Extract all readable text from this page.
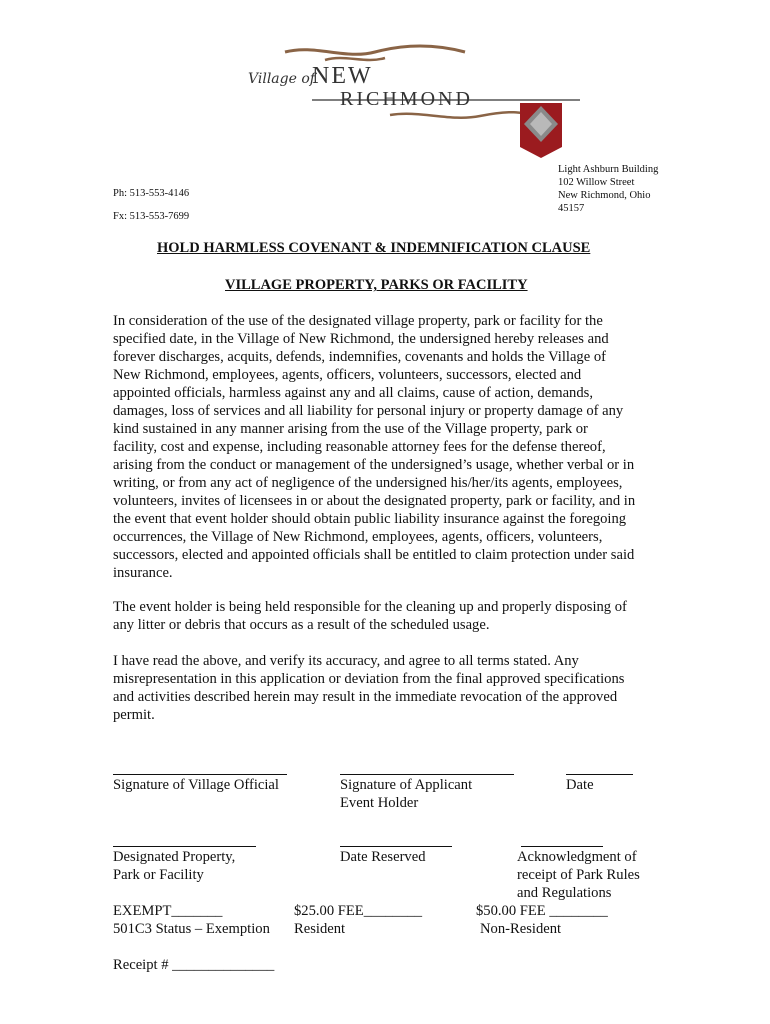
Village of
NEW
RICHMOND
Light Ashburn Building
102 Willow Street
New Richmond, Ohio
45157
Ph: 513-553-4146
Fx: 513-553-7699
HOLD HARMLESS COVENANT & INDEMNIFICATION CLAUSE
VILLAGE PROPERTY, PARKS OR FACILITY
In consideration of the use of the designated village property, park or facility for the
specified date, in the Village of New Richmond, the undersigned hereby releases and
forever discharges, acquits, defends, indemnifies, covenants and holds the Village of
New Richmond, employees, agents, officers, volunteers, successors, elected and
appointed officials, harmless against any and all claims, cause of action, demands,
damages, loss of services and all liability for personal injury or property damage of any
kind sustained in any manner arising from the use of the Village property, park or
facility, cost and expense, including reasonable attorney fees for the defense thereof,
arising from the conduct or management of the undersigned’s usage, whether verbal or in
writing, or from any act of negligence of the undersigned his/her/its agents, employees,
volunteers, invites of licensees in or about the designated property, park or facility, and in
the event that event holder should obtain public liability insurance against the foregoing
occurrences, the Village of New Richmond, employees, agents, officers, volunteers,
successors, elected and appointed officials shall be entitled to claim protection under said
insurance.
The event holder is being held responsible for the cleaning up and properly disposing of
any litter or debris that occurs as a result of the scheduled usage.
I have read the above, and verify its accuracy, and agree to all terms stated. Any
misrepresentation in this application or deviation from the final approved specifications
and activities described herein may result in the immediate revocation of the approved
permit.
Signature of Village Official	Signature of Applicant
Event Holder
Date
Designated Property,
Park or Facility
Date Reserved	Acknowledgment of
receipt of Park Rules
and Regulations
EXEMPT_______
501C3 Status – Exemption
$25.00 FEE________
Resident
$50.00 FEE ________
Non-Resident
Receipt # ______________
